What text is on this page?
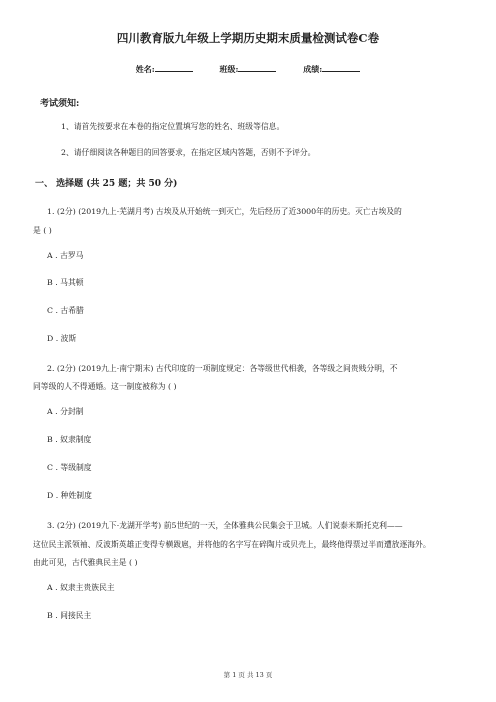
四川教育版九年级上学期历史期末质量检测试卷C卷
姓名:	班级:	成绩:
考试须知:
1、请首先按要求在本卷的指定位置填写您的姓名、班级等信息。
2、请仔细阅读各种题目的回答要求，在指定区域内答题，否则不予评分。
一、 选择题 (共 25 题；共 50 分)
1. (2分) (2019九上·芜湖月考) 古埃及从开始统一到灭亡，先后经历了近3000年的历史。灭亡古埃及的
是 ( )
A . 古罗马
B . 马其顿
C . 古希腊
D . 波斯
2. (2分) (2019九上·南宁期末) 古代印度的一项制度规定：各等级世代相袭，各等级之间贵贱分明，不
同等级的人不得通婚。这一制度被称为 ( )
A . 分封制
B . 奴隶制度
C . 等级制度
D . 种姓制度
3. (2分) (2019九下·龙湖开学考) 前5世纪的一天，全体雅典公民集会于卫城。人们说泰米斯托克利——
这位民主派领袖、反波斯英雄正变得专横跋扈，并将他的名字写在碎陶片或贝壳上，最终他得票过半而遭放逐海外。
由此可见，古代雅典民主是 ( )
A . 奴隶主贵族民主
B . 间接民主
第 1 页 共 13 页
